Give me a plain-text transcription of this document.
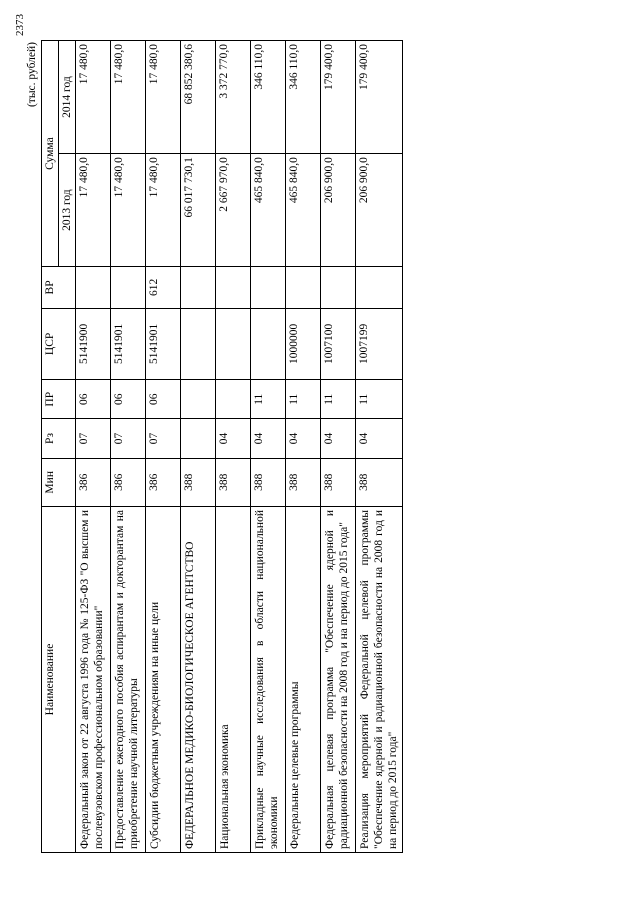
2373
(тыс. рублей)
Наименование	Мин	Рз	ПР	ЦСР	ВР	Сумма	
						2013 год	2014 год
Федеральный закон от 22 августа 1996 года № 125-ФЗ "О высшем и послевузовском профессиональном образовании"	386	07	06	5141900		17 480,0	17 480,0
Предоставление ежегодного пособия аспирантам и докторантам на приобретение научной литературы	386	07	06	5141901		17 480,0	17 480,0
Субсидии бюджетным учреждениям на иные цели	386	07	06	5141901	612	17 480,0	17 480,0
ФЕДЕРАЛЬНОЕ МЕДИКО-БИОЛОГИЧЕСКОЕ АГЕНТСТВО	388					66 017 730,1	68 852 380,6
Национальная экономика	388	04				2 667 970,0	3 372 770,0
Прикладные научные исследования в области национальной экономики	388	04	11			465 840,0	346 110,0
Федеральные целевые программы	388	04	11	1000000		465 840,0	346 110,0
Федеральная целевая программа "Обеспечение ядерной и радиационной безопасности на 2008 год и на период до 2015 года"	388	04	11	1007100		206 900,0	179 400,0
Реализация мероприятий Федеральной целевой программы "Обеспечение ядерной и радиационной безопасности на 2008 год и на период до 2015 года"	388	04	11	1007199		206 900,0	179 400,0
